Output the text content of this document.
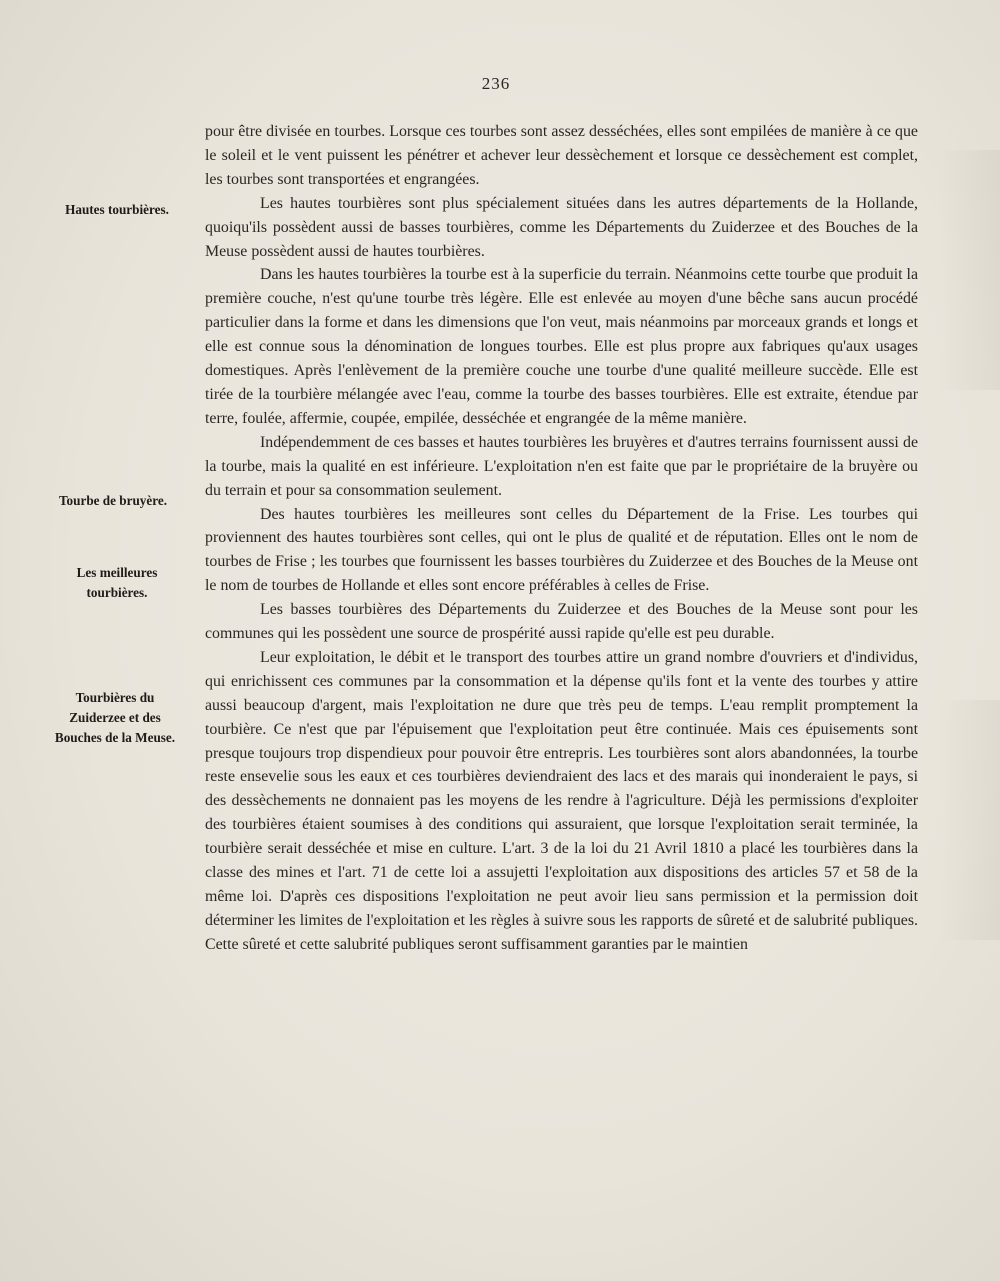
236
Hautes tourbières.
Tourbe de bruyère.
Les meilleures
tourbières.
Tourbières du
Zuiderzee et des
Bouches de la Meuse.

pour être divisée en tourbes. Lorsque ces tourbes sont assez desséchées, elles sont empilées de manière à ce que le soleil et le vent puissent les pénétrer et achever leur dessèchement et lorsque ce dessèchement est complet, les tourbes sont transportées et engrangées.

Les hautes tourbières sont plus spécialement situées dans les autres départements de la Hollande, quoiqu'ils possèdent aussi de basses tourbières, comme les Départements du Zuiderzee et des Bouches de la Meuse possèdent aussi de hautes tourbières.

Dans les hautes tourbières la tourbe est à la superficie du terrain. Néanmoins cette tourbe que produit la première couche, n'est qu'une tourbe très légère. Elle est enlevée au moyen d'une bêche sans aucun procédé particulier dans la forme et dans les dimensions que l'on veut, mais néanmoins par morceaux grands et longs et elle est connue sous la dénomination de longues tourbes. Elle est plus propre aux fabriques qu'aux usages domestiques. Après l'enlèvement de la première couche une tourbe d'une qualité meilleure succède. Elle est tirée de la tourbière mélangée avec l'eau, comme la tourbe des basses tourbières. Elle est extraite, étendue par terre, foulée, affermie, coupée, empilée, desséchée et engrangée de la même manière.

Indépendemment de ces basses et hautes tourbières les bruyères et d'autres terrains fournissent aussi de la tourbe, mais la qualité en est inférieure. L'exploitation n'en est faite que par le propriétaire de la bruyère ou du terrain et pour sa consommation seulement.

Des hautes tourbières les meilleures sont celles du Département de la Frise. Les tourbes qui proviennent des hautes tourbières sont celles, qui ont le plus de qualité et de réputation. Elles ont le nom de tourbes de Frise ; les tourbes que fournissent les basses tourbières du Zuiderzee et des Bouches de la Meuse ont le nom de tourbes de Hollande et elles sont encore préférables à celles de Frise.

Les basses tourbières des Départements du Zuiderzee et des Bouches de la Meuse sont pour les communes qui les possèdent une source de prospérité aussi rapide qu'elle est peu durable.

Leur exploitation, le débit et le transport des tourbes attire un grand nombre d'ouvriers et d'individus, qui enrichissent ces communes par la consommation et la dépense qu'ils font et la vente des tourbes y attire aussi beaucoup d'argent, mais l'exploitation ne dure que très peu de temps. L'eau remplit promptement la tourbière. Ce n'est que par l'épuisement que l'exploitation peut être continuée. Mais ces épuisements sont presque toujours trop dispendieux pour pouvoir être entrepris. Les tourbières sont alors abandonnées, la tourbe reste ensevelie sous les eaux et ces tourbières deviendraient des lacs et des marais qui inonderaient le pays, si des dessèchements ne donnaient pas les moyens de les rendre à l'agriculture. Déjà les permissions d'exploiter des tourbières étaient soumises à des conditions qui assuraient, que lorsque l'exploitation serait terminée, la tourbière serait desséchée et mise en culture. L'art. 3 de la loi du 21 Avril 1810 a placé les tourbières dans la classe des mines et l'art. 71 de cette loi a assujetti l'exploitation aux dispositions des articles 57 et 58 de la même loi. D'après ces dispositions l'exploitation ne peut avoir lieu sans permission et la permission doit déterminer les limites de l'exploitation et les règles à suivre sous les rapports de sûreté et de salubrité publiques. Cette sûreté et cette salubrité publiques seront suffisamment garanties par le maintien
